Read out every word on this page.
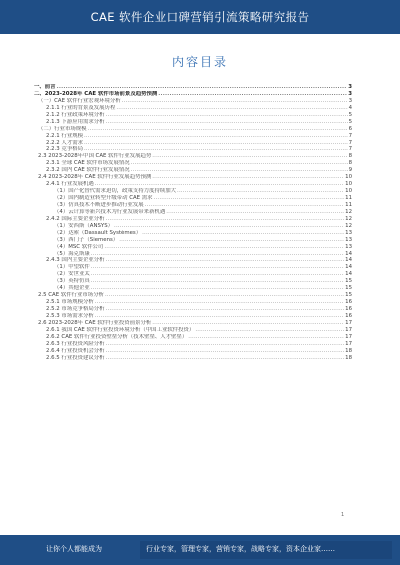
CAE 软件企业口碑营销引流策略研究报告
内容目录
一、前言 .....	3
二、2023-2028年 CAE 软件市场前景及趋势预测 .....	3
（一）CAE 软件行业宏观环境分析 .....	3
2.1.1 行业的背景及发展历程 .....	4
2.1.2 行业政策环境分析 .....	5
2.1.3 下游应用需求分析 .....	5
（二）行业市场规模 .....	6
2.2.1 行业规模 .....	7
2.2.2 人才需求 .....	7
2.2.3 竞争格局 .....	7
2.3 2023-2028年中国 CAE 软件行业发展趋势 .....	8
2.3.1 全球 CAE 软件市场发展情况 .....	8
2.3.2 国内 CAE 软件行业发展情况 .....	9
2.4 2023-2028年 CAE 软件行业发展趋势预测 .....	10
2.4.1 行业发展机遇 .....	10
（1）国产化替代需求迫切，政策支持力度持续加大 .....	10
（2）国内制造业转型升级带动 CAE 需求 .....	11
（3）仿真技术不断进步推动行业发展 .....	11
（4）云计算等新兴技术为行业发展带来新机遇 .....	12
2.4.2 国际主要企业分析 .....	12
（1）安西斯（ANSYS） .....	12
（2）达索（Dassault Systèmes） .....	13
（3）西门子（Siemens） .....	13
（4）MSC 软件公司 .....	13
（5）海克斯康 .....	14
2.4.3 国内主要企业分析 .....	14
（1）中望软件 .....	14
（2）安世亚太 .....	14
（3）英特仿真 .....	15
（4）其他企业 .....	15
2.5 CAE 软件行业市场分析 .....	15
2.5.1 市场规模分析 .....	16
2.5.2 市场竞争格局分析 .....	16
2.5.3 市场需求分析 .....	16
2.6 2023-2028年 CAE 软件行业投资前景分析 .....	17
2.6.1 我国 CAE 软件行业投资环境分析（中国工业软件投资） .....	17
2.6.2 CAE 软件行业投资壁垒分析（技术壁垒、人才壁垒） .....	17
2.6.3 行业投资风险分析 .....	17
2.6.4 行业投资机会分析 .....	18
2.6.5 行业投资建议分析 .....	18
1
让你个人都能成为	行业专家，管理专家，营销专家，战略专家，资本企业家……
